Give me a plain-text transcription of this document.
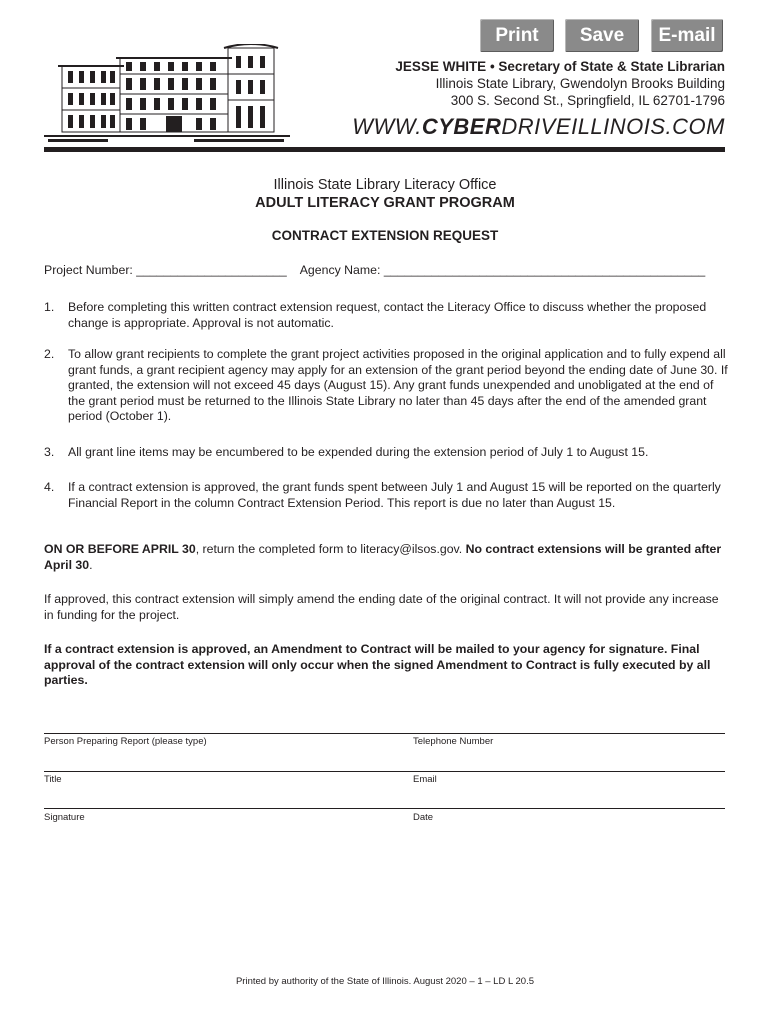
Print	Save	E-mail
JESSE WHITE • Secretary of State & State Librarian
Illinois State Library, Gwendolyn Brooks Building
300 S. Second St., Springfield, IL 62701-1796
WWW.CYBERDRIVEILLINOIS.COM
Illinois State Library Literacy Office
ADULT LITERACY GRANT PROGRAM
CONTRACT EXTENSION REQUEST
Project Number: ______________________ Agency Name: _______________________________________________
1. Before completing this written contract extension request, contact the Literacy Office to discuss whether the proposed change is appropriate. Approval is not automatic.
2. To allow grant recipients to complete the grant project activities proposed in the original application and to fully expend all grant funds, a grant recipient agency may apply for an extension of the grant period beyond the ending date of June 30. If granted, the extension will not exceed 45 days (August 15). Any grant funds unexpended and unobligated at the end of the grant period must be returned to the Illinois State Library no later than 45 days after the end of the amended grant period (October 1).
3. All grant line items may be encumbered to be expended during the extension period of July 1 to August 15.
4. If a contract extension is approved, the grant funds spent between July 1 and August 15 will be reported on the quarterly Financial Report in the column Contract Extension Period. This report is due no later than August 15.
ON OR BEFORE APRIL 30, return the completed form to literacy@ilsos.gov. No contract extensions will be granted after April 30.
If approved, this contract extension will simply amend the ending date of the original contract. It will not provide any increase in funding for the project.
If a contract extension is approved, an Amendment to Contract will be mailed to your agency for signature. Final approval of the contract extension will only occur when the signed Amendment to Contract is fully executed by all parties.
Person Preparing Report (please type)	Telephone Number
Title	Email
Signature	Date
Printed by authority of the State of Illinois. August 2020 – 1 – LD L 20.5
